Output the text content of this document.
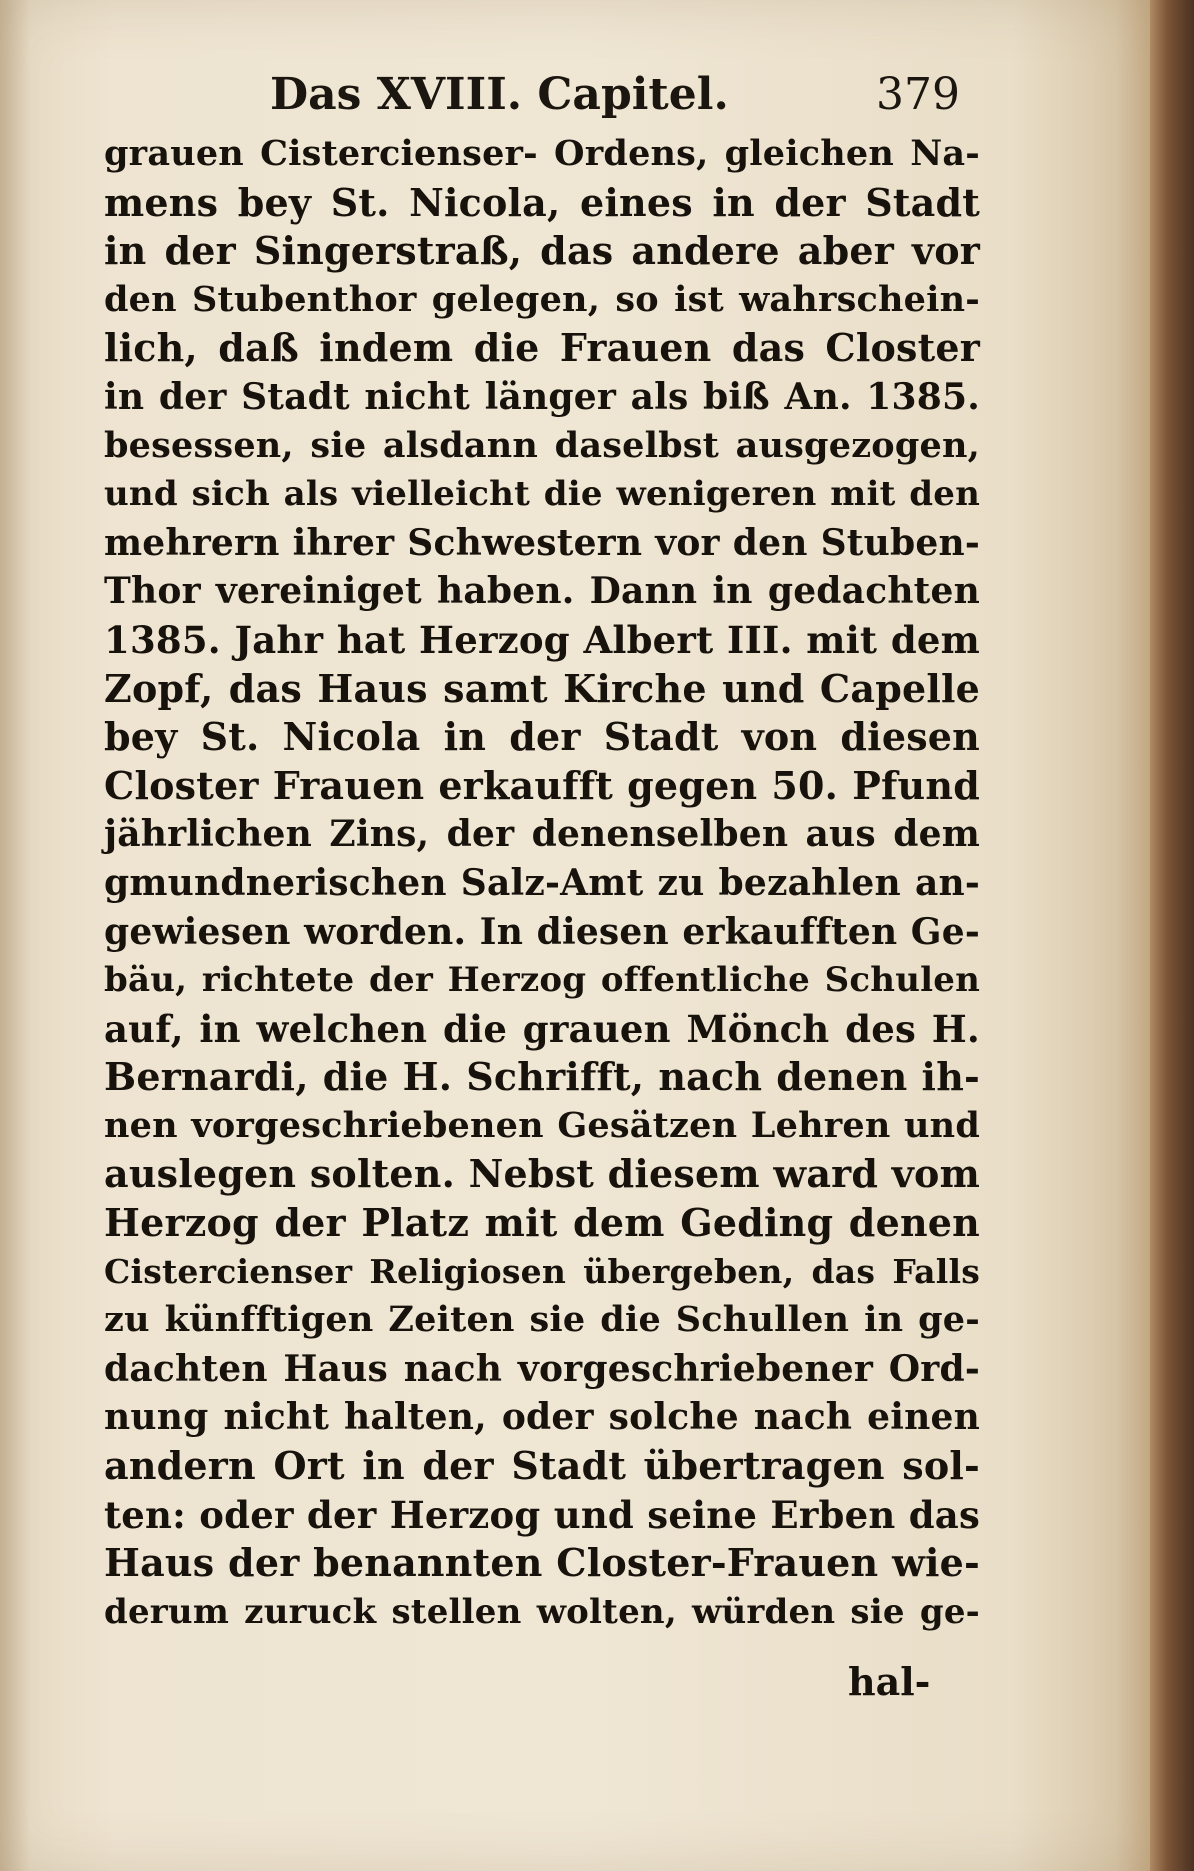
Das XVIII. Capitel.	379
grauen Cistercienser- Ordens, gleichen Na-
mens bey St. Nicola, eines in der Stadt
in der Singerstraß, das andere aber vor
den Stubenthor gelegen, so ist wahrschein-
lich, daß indem die Frauen das Closter
in der Stadt nicht länger als biß An. 1385.
besessen, sie alsdann daselbst ausgezogen,
und sich als vielleicht die wenigeren mit den
mehrern ihrer Schwestern vor den Stuben-
Thor vereiniget haben. Dann in gedachten
1385. Jahr hat Herzog Albert III. mit dem
Zopf, das Haus samt Kirche und Capelle
bey St. Nicola in der Stadt von diesen
Closter Frauen erkaufft gegen 50. Pfund
jährlichen Zins, der denenselben aus dem
gmundnerischen Salz-Amt zu bezahlen an-
gewiesen worden. In diesen erkaufften Ge-
bäu, richtete der Herzog offentliche Schulen
auf, in welchen die grauen Mönch des H.
Bernardi, die H. Schrifft, nach denen ih-
nen vorgeschriebenen Gesätzen Lehren und
auslegen solten. Nebst diesem ward vom
Herzog der Platz mit dem Geding denen
Cistercienser Religiosen übergeben, das Falls
zu künfftigen Zeiten sie die Schullen in ge-
dachten Haus nach vorgeschriebener Ord-
nung nicht halten, oder solche nach einen
andern Ort in der Stadt übertragen sol-
ten: oder der Herzog und seine Erben das
Haus der benannten Closter-Frauen wie-
derum zuruck stellen wolten, würden sie ge-
hal-
